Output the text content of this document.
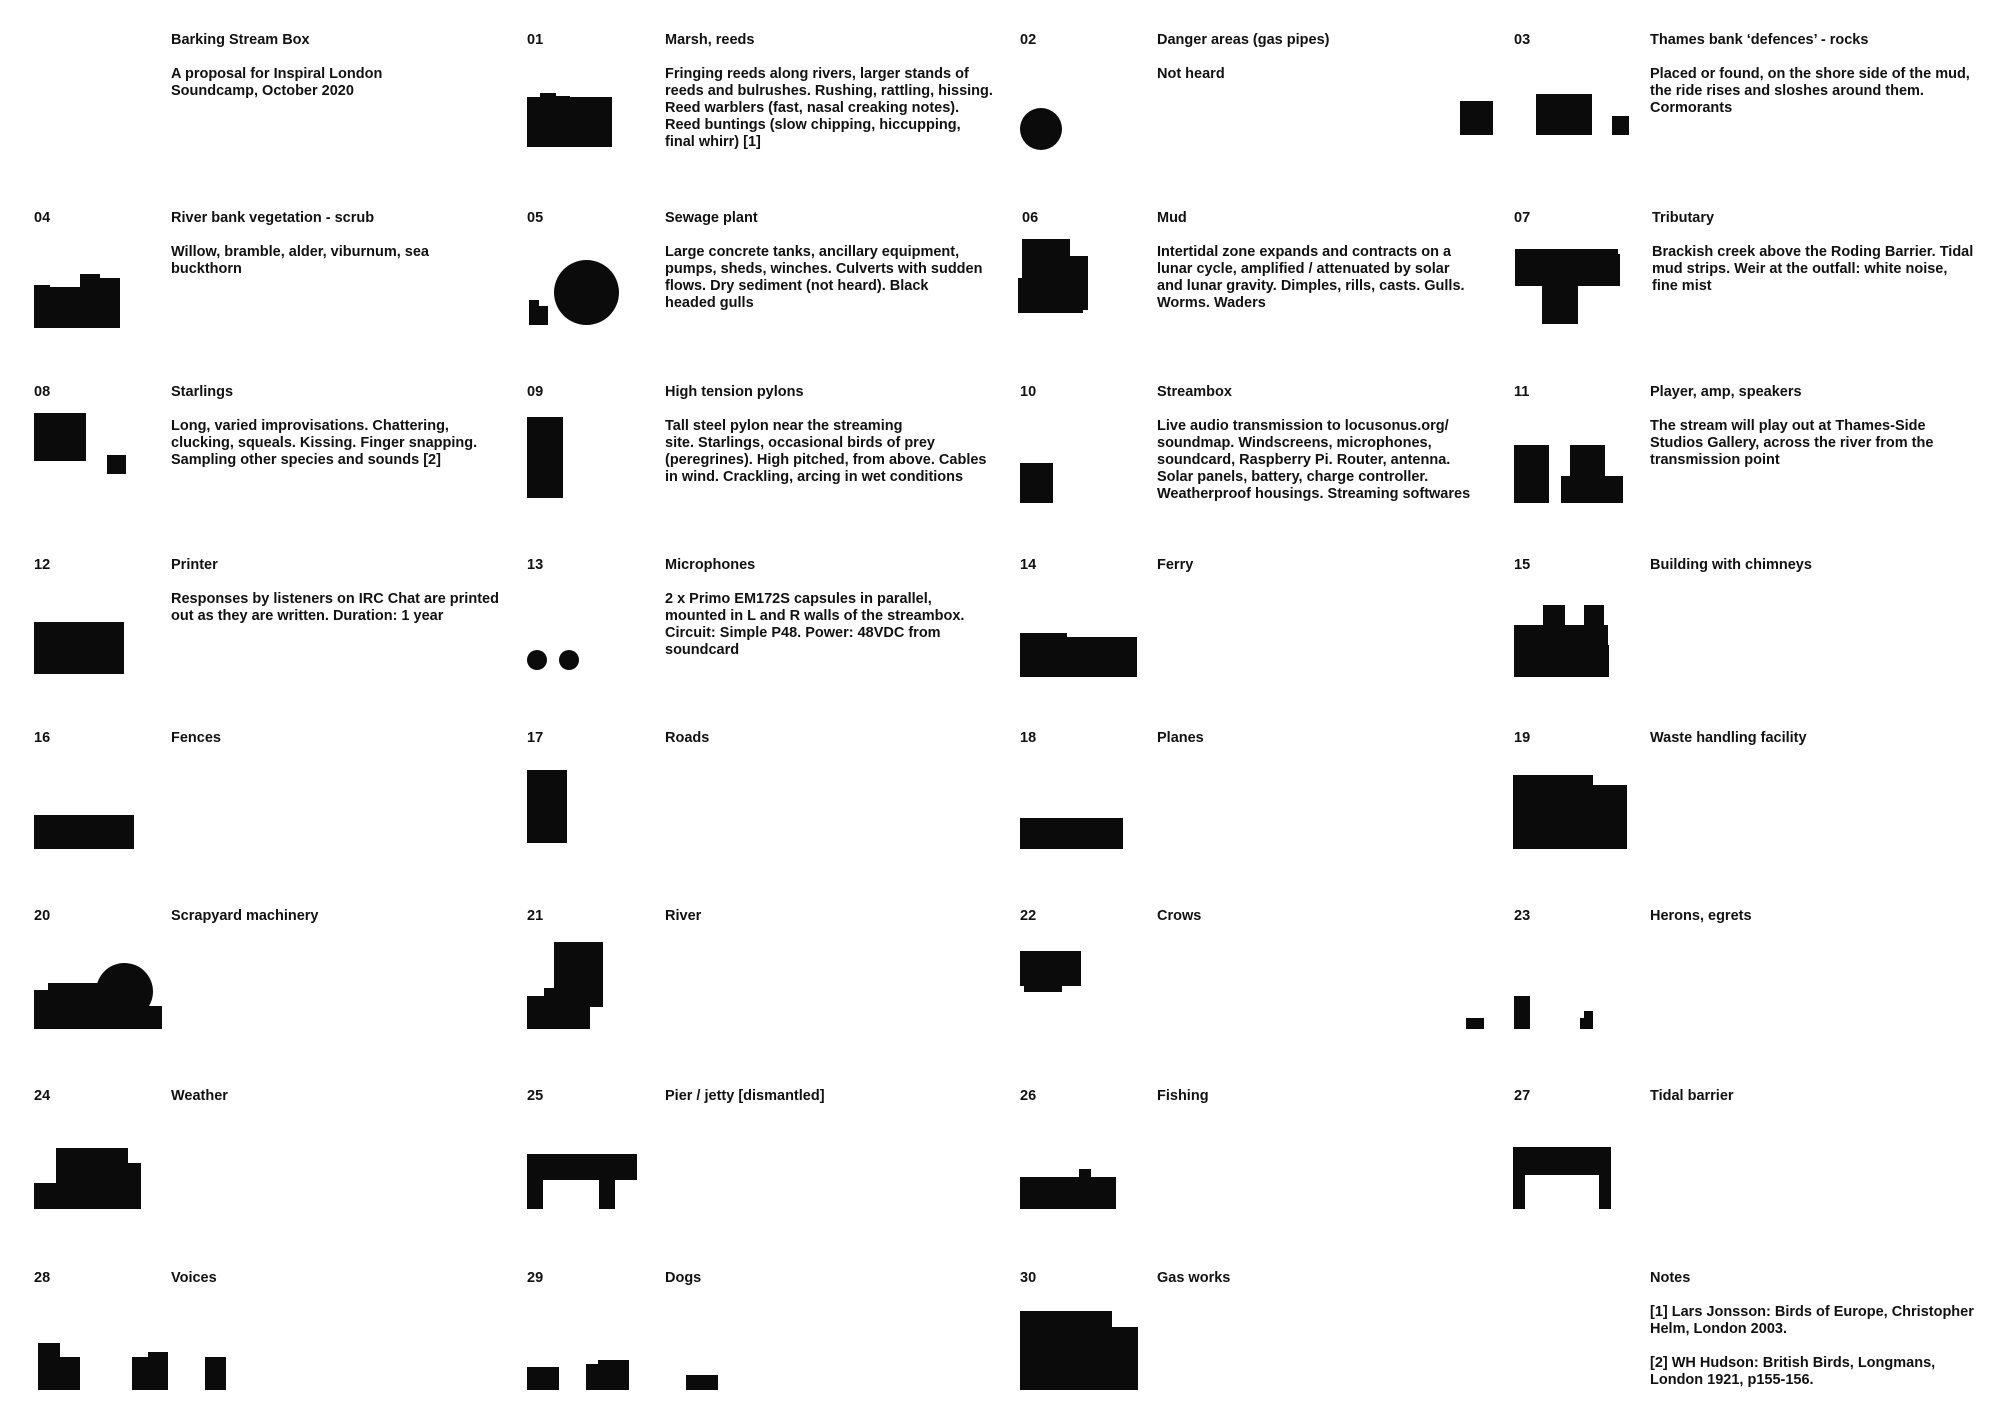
Barking Stream Box
A proposal for Inspiral London
Soundcamp, October 2020
01	Marsh, reeds
Fringing reeds along rivers, larger stands of
reeds and bulrushes. Rushing, rattling, hissing.
Reed warblers (fast, nasal creaking notes).
Reed buntings (slow chipping, hiccupping,
final whirr) [1]
02	Danger areas (gas pipes)
Not heard
03	Thames bank ‘defences’ - rocks
Placed or found, on the shore side of the mud,
the ride rises and sloshes around them.
Cormorants
04	River bank vegetation - scrub
Willow, bramble, alder, viburnum, sea
buckthorn
05	Sewage plant
Large concrete tanks, ancillary equipment,
pumps, sheds, winches. Culverts with sudden
flows. Dry sediment (not heard). Black
headed gulls
06	Mud
Intertidal zone expands and contracts on a
lunar cycle, amplified / attenuated by solar
and lunar gravity. Dimples, rills, casts. Gulls.
Worms. Waders
07	Tributary
Brackish creek above the Roding Barrier. Tidal
mud strips. Weir at the outfall: white noise,
fine mist
08	Starlings
Long, varied improvisations. Chattering,
clucking, squeals. Kissing. Finger snapping.
Sampling other species and sounds [2]
09	High tension pylons
Tall steel pylon near the streaming
site. Starlings, occasional birds of prey
(peregrines). High pitched, from above. Cables
in wind. Crackling, arcing in wet conditions
10	Streambox
Live audio transmission to locusonus.org/
soundmap. Windscreens, microphones,
soundcard, Raspberry Pi. Router, antenna.
Solar panels, battery, charge controller.
Weatherproof housings. Streaming softwares
11	Player, amp, speakers
The stream will play out at Thames-Side
Studios Gallery, across the river from the
transmission point
12	Printer
Responses by listeners on IRC Chat are printed
out as they are written. Duration: 1 year
13	Microphones
2 x Primo EM172S capsules in parallel,
mounted in L and R walls of the streambox.
Circuit: Simple P48. Power: 48VDC from
soundcard
14	Ferry	15	Building with chimneys
16	Fences	17	Roads	18	Planes	19	Waste handling facility
20	Scrapyard machinery	21	River	22	Crows	23	Herons, egrets
24	Weather	25	Pier / jetty [dismantled]	26	Fishing	27	Tidal barrier
28	Voices	29	Dogs	30	Gas works	Notes
[1] Lars Jonsson: Birds of Europe, Christopher
Helm, London 2003.
[2] WH Hudson: British Birds, Longmans,
London 1921, p155-156.
